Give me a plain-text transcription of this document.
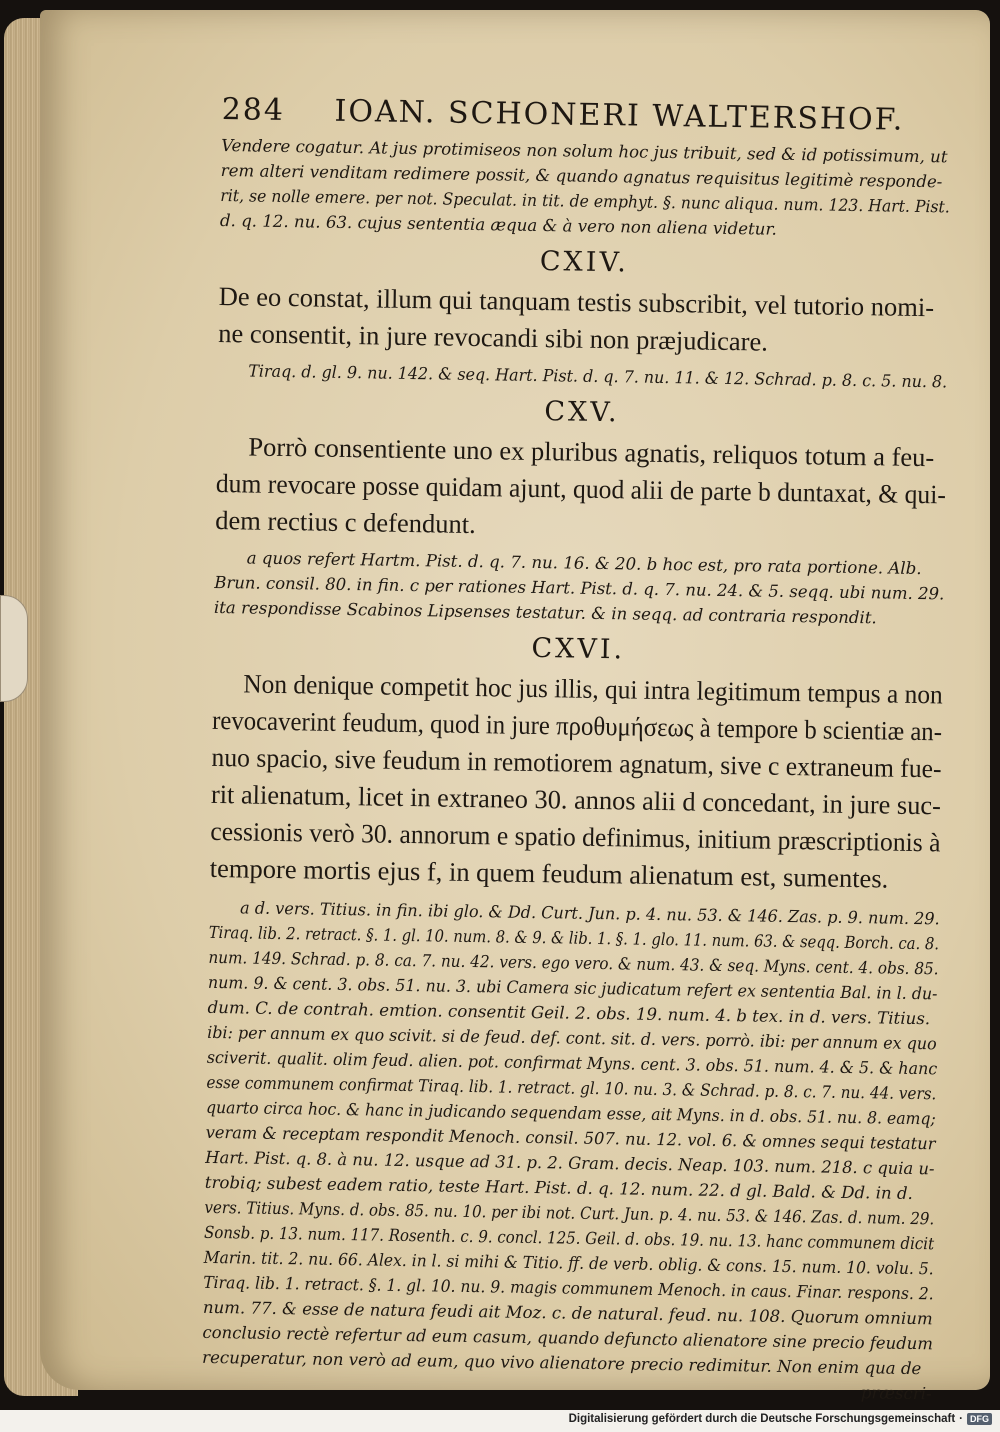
284 IOAN. SCHONERI WALTERSHOF.

Vendere cogatur. At jus protimiseos non solum hoc jus tribuit, sed & id potissimum, ut

rem alteri venditam redimere possit, & quando agnatus requisitus legitimè responde-

rit, se nolle emere. per not. Speculat. in tit. de emphyt. §. nunc aliqua. num. 123. Hart. Pist.

d. q. 12. nu. 63. cujus sententia æqua & à vero non aliena videtur.

CXIV.

De eo constat, illum qui tanquam testis subscribit, vel tutorio nomi-

ne consentit, in jure revocandi sibi non præjudicare.

Tiraq. d. gl. 9. nu. 142. & seq. Hart. Pist. d. q. 7. nu. 11. & 12. Schrad. p. 8. c. 5. nu. 8.

CXV.

Porrò consentiente uno ex pluribus agnatis, reliquos totum a feu-

dum revocare posse quidam ajunt, quod alii de parte b duntaxat, & qui-

dem rectius c defendunt.

a quos refert Hartm. Pist. d. q. 7. nu. 16. & 20. b hoc est, pro rata portione. Alb.

Brun. consil. 80. in fin. c per rationes Hart. Pist. d. q. 7. nu. 24. & 5. seqq. ubi num. 29.

ita respondisse Scabinos Lipsenses testatur. & in seqq. ad contraria respondit.

CXVI.

Non denique competit hoc jus illis, qui intra legitimum tempus a non

revocaverint feudum, quod in jure προθυμήσεως à tempore b scientiæ an-

nuo spacio, sive feudum in remotiorem agnatum, sive c extraneum fue-

rit alienatum, licet in extraneo 30. annos alii d concedant, in jure suc-

cessionis verò 30. annorum e spatio definimus, initium præscriptionis à

tempore mortis ejus f, in quem feudum alienatum est, sumentes.

a d. vers. Titius. in fin. ibi glo. & Dd. Curt. Jun. p. 4. nu. 53. & 146. Zas. p. 9. num. 29.

Tiraq. lib. 2. retract. §. 1. gl. 10. num. 8. & 9. & lib. 1. §. 1. glo. 11. num. 63. & seqq. Borch. ca. 8.

num. 149. Schrad. p. 8. ca. 7. nu. 42. vers. ego vero. & num. 43. & seq. Myns. cent. 4. obs. 85.

num. 9. & cent. 3. obs. 51. nu. 3. ubi Camera sic judicatum refert ex sententia Bal. in l. du-

dum. C. de contrah. emtion. consentit Geil. 2. obs. 19. num. 4. b tex. in d. vers. Titius.

ibi: per annum ex quo scivit. si de feud. def. cont. sit. d. vers. porrò. ibi: per annum ex quo

sciverit. qualit. olim feud. alien. pot. confirmat Myns. cent. 3. obs. 51. num. 4. & 5. & hanc

esse communem confirmat Tiraq. lib. 1. retract. gl. 10. nu. 3. & Schrad. p. 8. c. 7. nu. 44. vers.

quarto circa hoc. & hanc in judicando sequendam esse, ait Myns. in d. obs. 51. nu. 8. eamq;

veram & receptam respondit Menoch. consil. 507. nu. 12. vol. 6. & omnes sequi testatur

Hart. Pist. q. 8. à nu. 12. usque ad 31. p. 2. Gram. decis. Neap. 103. num. 218. c quia u-

trobiq; subest eadem ratio, teste Hart. Pist. d. q. 12. num. 22. d gl. Bald. & Dd. in d.

vers. Titius. Myns. d. obs. 85. nu. 10. per ibi not. Curt. Jun. p. 4. nu. 53. & 146. Zas. d. num. 29.

Sonsb. p. 13. num. 117. Rosenth. c. 9. concl. 125. Geil. d. obs. 19. nu. 13. hanc communem dicit

Marin. tit. 2. nu. 66. Alex. in l. si mihi & Titio. ff. de verb. oblig. & cons. 15. num. 10. volu. 5.

Tiraq. lib. 1. retract. §. 1. gl. 10. nu. 9. magis communem Menoch. in caus. Finar. respons. 2.

num. 77. & esse de natura feudi ait Moz. c. de natural. feud. nu. 108. Quorum omnium

conclusio rectè refertur ad eum casum, quando defuncto alienatore sine precio feudum

recuperatur, non verò ad eum, quo vivo alienatore precio redimitur. Non enim qua de

præscri-

Digitalisierung gefördert durch die Deutsche Forschungsgemeinschaft · DFG
